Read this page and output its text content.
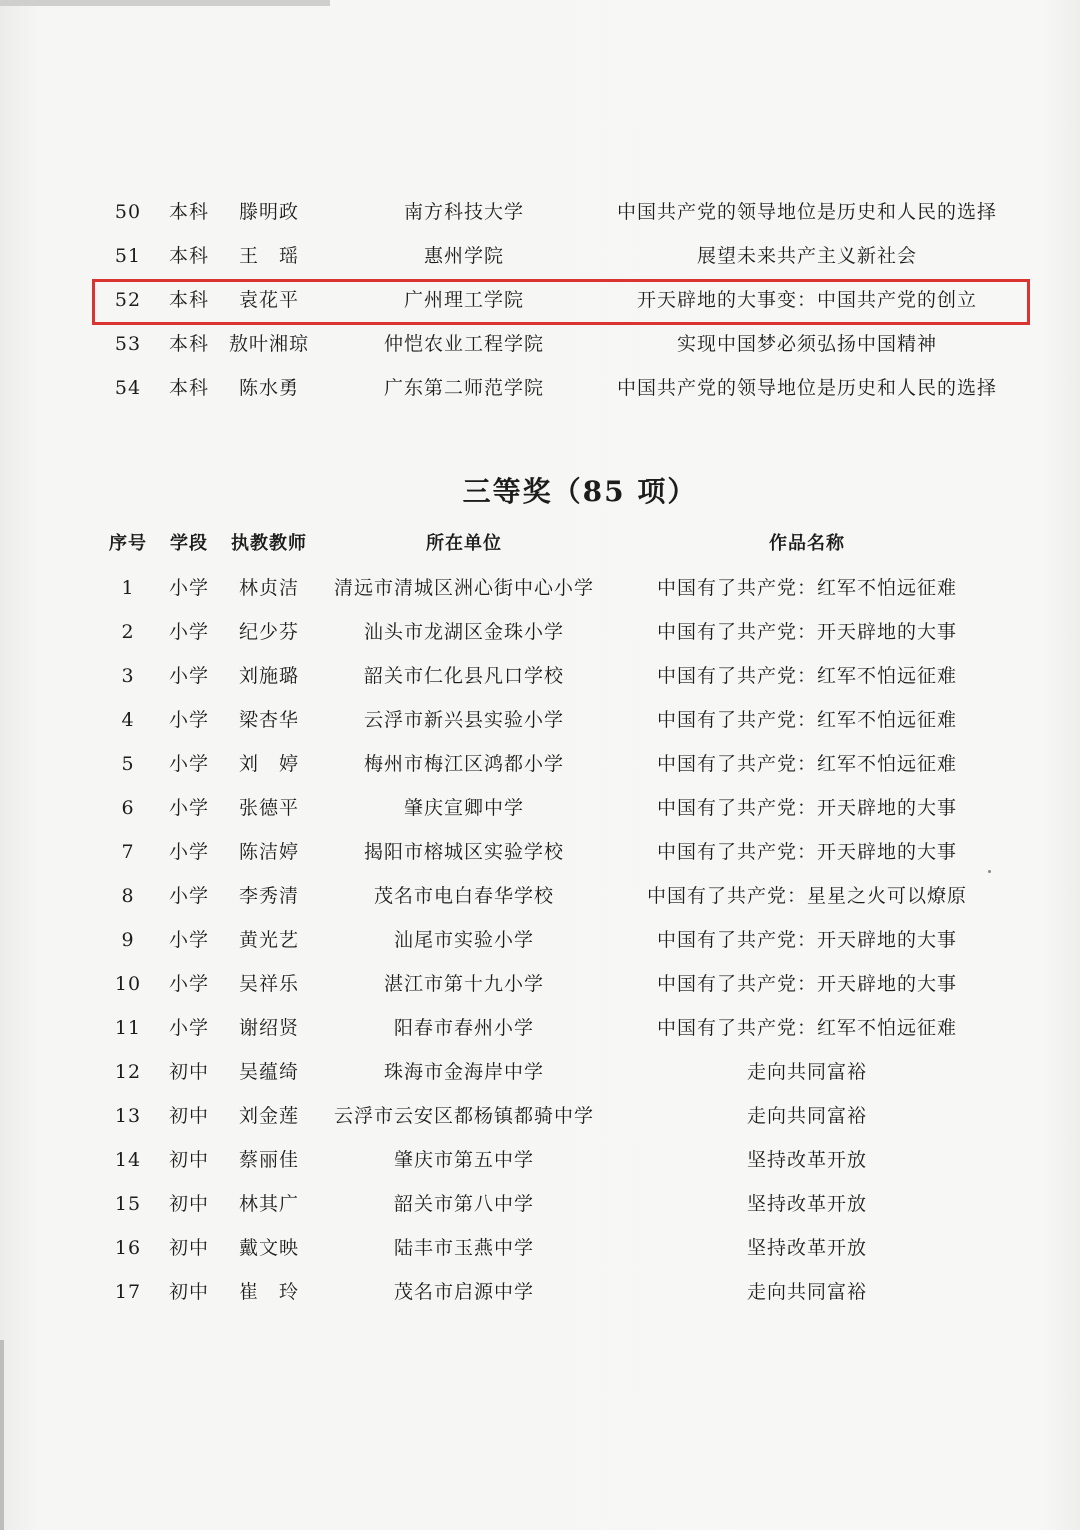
50	本科	滕明政	南方科技大学	中国共产党的领导地位是历史和人民的选择
51	本科	王　瑶	惠州学院	展望未来共产主义新社会
52	本科	袁花平	广州理工学院	开天辟地的大事变：中国共产党的创立
53	本科	敖叶湘琼	仲恺农业工程学院	实现中国梦必须弘扬中国精神
54	本科	陈水勇	广东第二师范学院	中国共产党的领导地位是历史和人民的选择
三等奖（85 项）
序号	学段	执教教师	所在单位	作品名称
1	小学	林贞洁	清远市清城区洲心街中心小学	中国有了共产党：红军不怕远征难
2	小学	纪少芬	汕头市龙湖区金珠小学	中国有了共产党：开天辟地的大事
3	小学	刘施璐	韶关市仁化县凡口学校	中国有了共产党：红军不怕远征难
4	小学	梁杏华	云浮市新兴县实验小学	中国有了共产党：红军不怕远征难
5	小学	刘　婷	梅州市梅江区鸿都小学	中国有了共产党：红军不怕远征难
6	小学	张德平	肇庆宣卿中学	中国有了共产党：开天辟地的大事
7	小学	陈洁婷	揭阳市榕城区实验学校	中国有了共产党：开天辟地的大事
8	小学	李秀清	茂名市电白春华学校	中国有了共产党：星星之火可以燎原
9	小学	黄光艺	汕尾市实验小学	中国有了共产党：开天辟地的大事
10	小学	吴祥乐	湛江市第十九小学	中国有了共产党：开天辟地的大事
11	小学	谢绍贤	阳春市春州小学	中国有了共产党：红军不怕远征难
12	初中	吴蕴绮	珠海市金海岸中学	走向共同富裕
13	初中	刘金莲	云浮市云安区都杨镇都骑中学	走向共同富裕
14	初中	蔡丽佳	肇庆市第五中学	坚持改革开放
15	初中	林其广	韶关市第八中学	坚持改革开放
16	初中	戴文映	陆丰市玉燕中学	坚持改革开放
17	初中	崔　玲	茂名市启源中学	走向共同富裕
